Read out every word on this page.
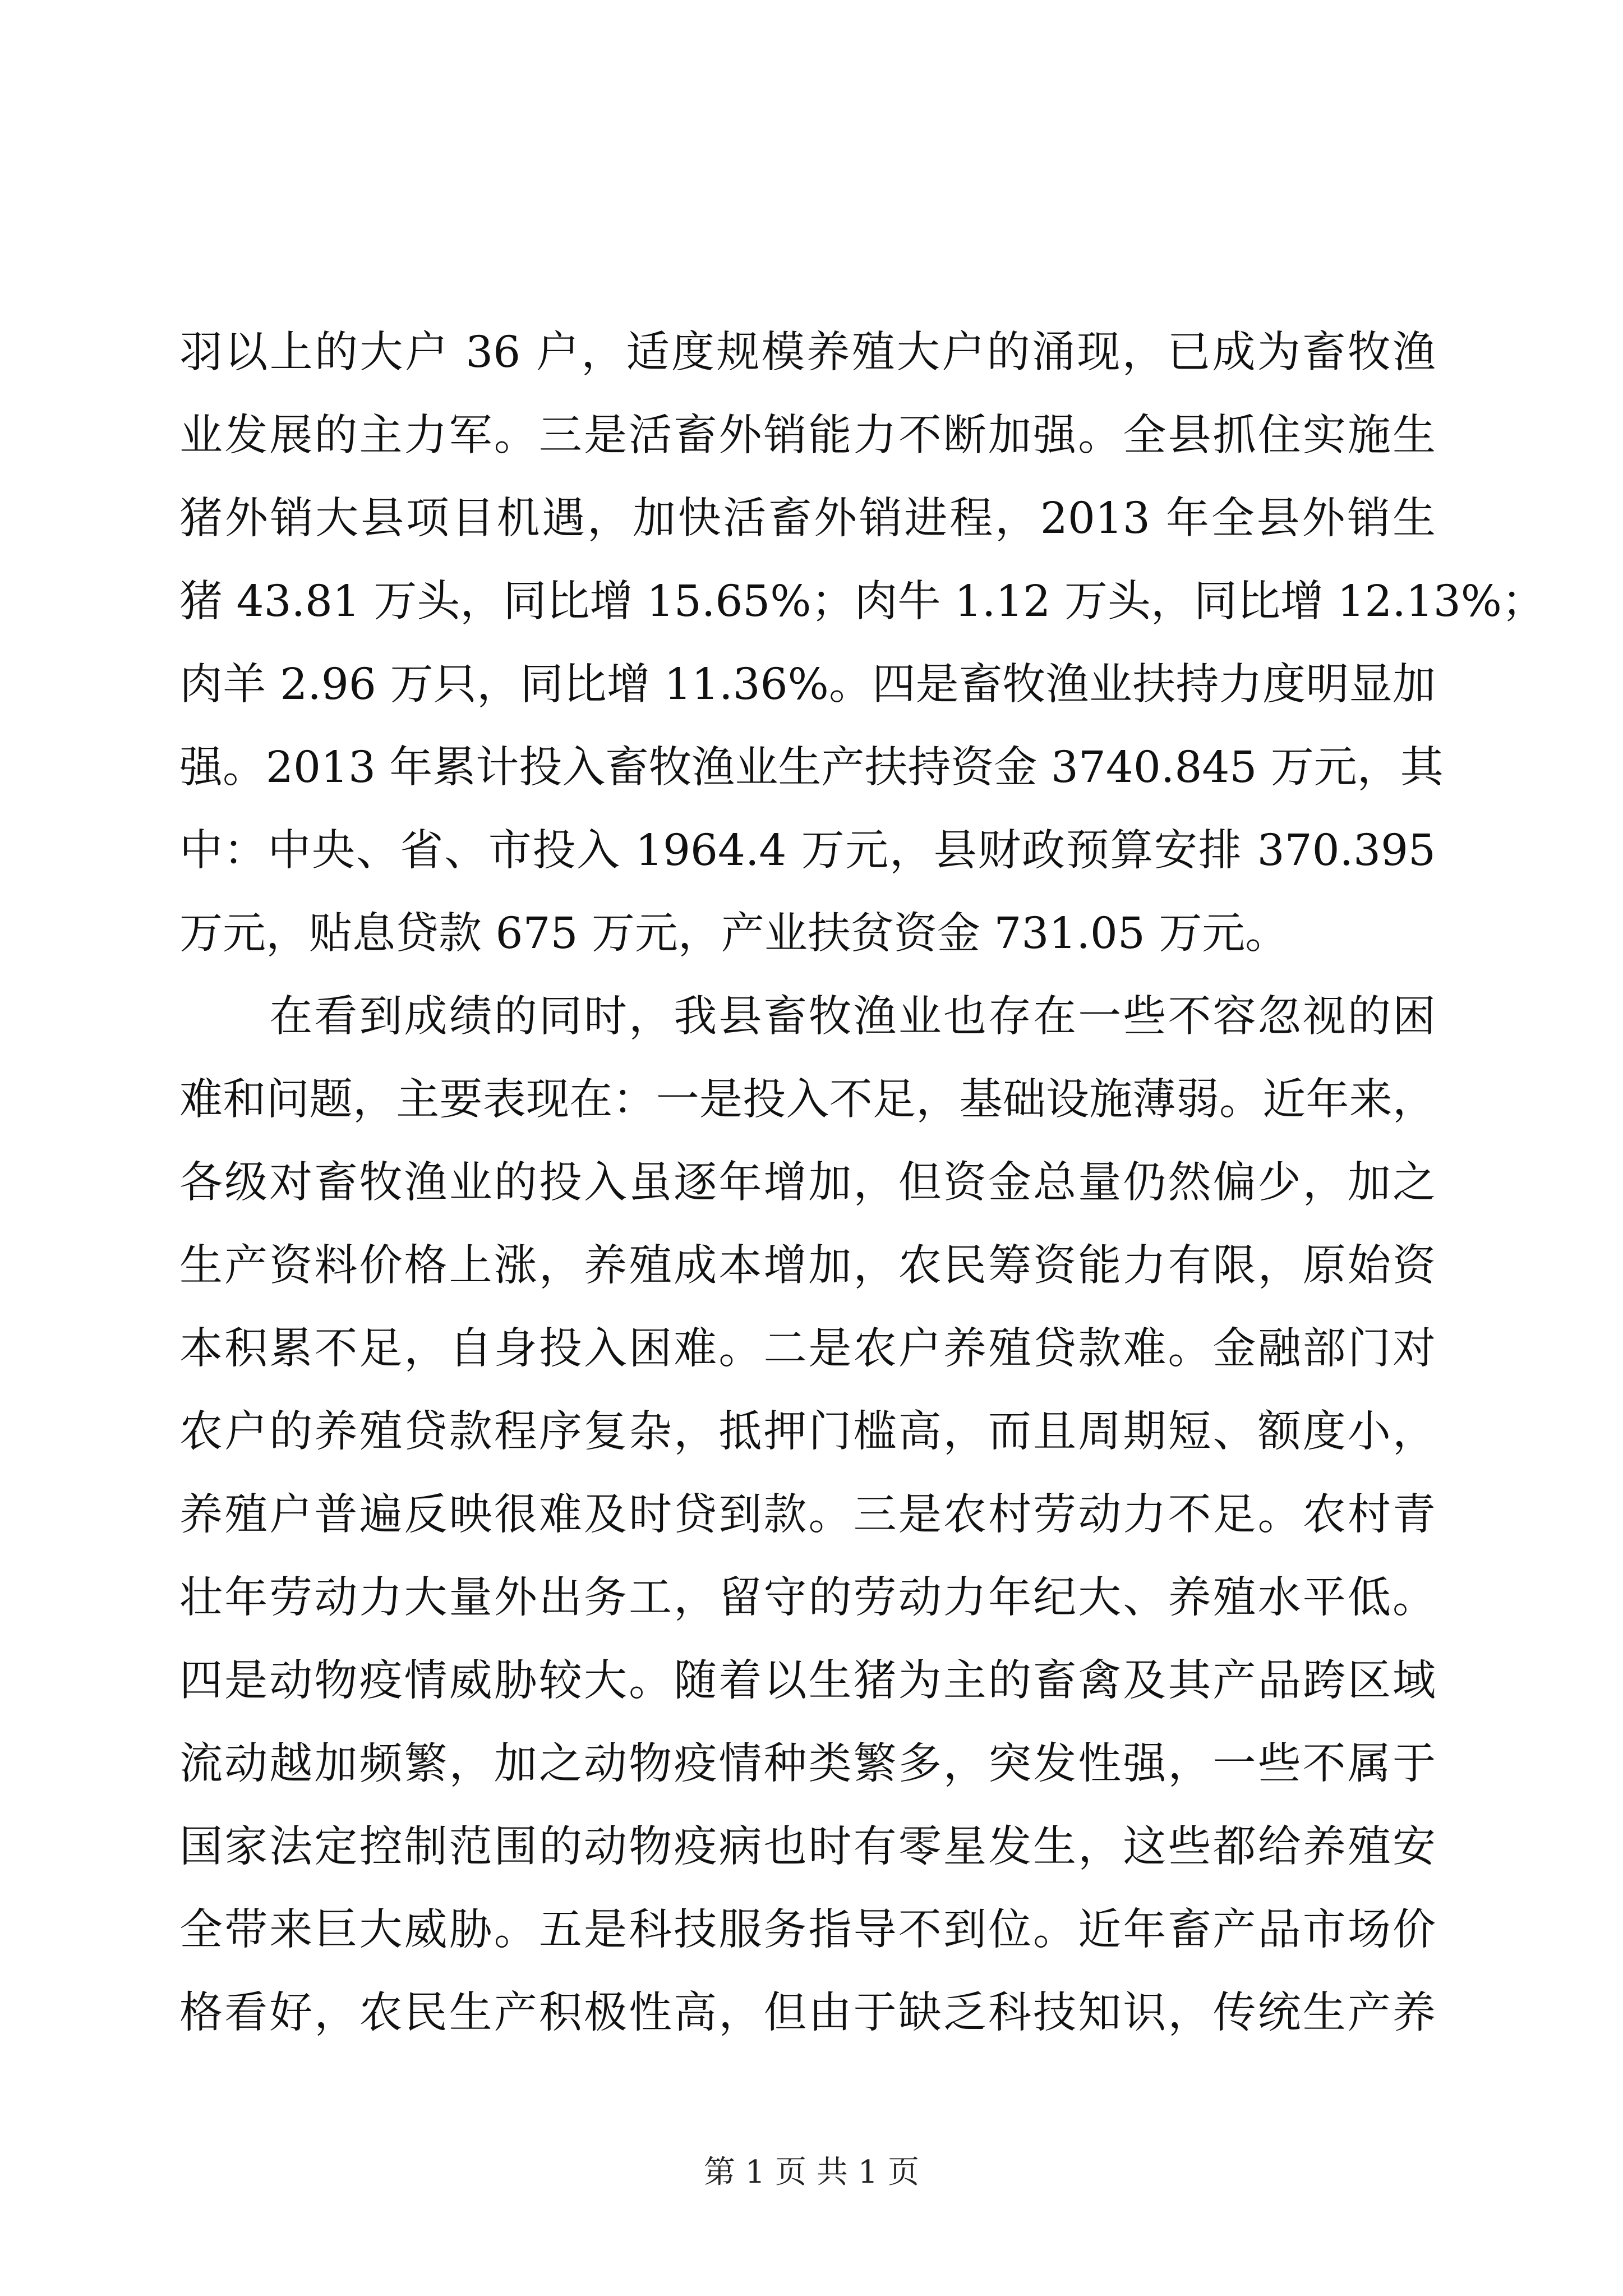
羽以上的大户 36 户，适度规模养殖大户的涌现，已成为畜牧渔
业发展的主力军。三是活畜外销能力不断加强。全县抓住实施生
猪外销大县项目机遇，加快活畜外销进程，2013 年全县外销生
猪 43.81 万头，同比增 15.65%；肉牛 1.12 万头，同比增 12.13%；
肉羊 2.96 万只，同比增 11.36%。四是畜牧渔业扶持力度明显加
强。2013 年累计投入畜牧渔业生产扶持资金 3740.845 万元，其
中：中央、省、市投入 1964.4 万元，县财政预算安排 370.395
万元，贴息贷款 675 万元，产业扶贫资金 731.05 万元。
　　在看到成绩的同时，我县畜牧渔业也存在一些不容忽视的困
难和问题，主要表现在：一是投入不足，基础设施薄弱。近年来，
各级对畜牧渔业的投入虽逐年增加，但资金总量仍然偏少，加之
生产资料价格上涨，养殖成本增加，农民筹资能力有限，原始资
本积累不足，自身投入困难。二是农户养殖贷款难。金融部门对
农户的养殖贷款程序复杂，抵押门槛高，而且周期短、额度小，
养殖户普遍反映很难及时贷到款。三是农村劳动力不足。农村青
壮年劳动力大量外出务工，留守的劳动力年纪大、养殖水平低。
四是动物疫情威胁较大。随着以生猪为主的畜禽及其产品跨区域
流动越加频繁，加之动物疫情种类繁多，突发性强，一些不属于
国家法定控制范围的动物疫病也时有零星发生，这些都给养殖安
全带来巨大威胁。五是科技服务指导不到位。近年畜产品市场价
格看好，农民生产积极性高，但由于缺乏科技知识，传统生产养
第 1 页 共 1 页
